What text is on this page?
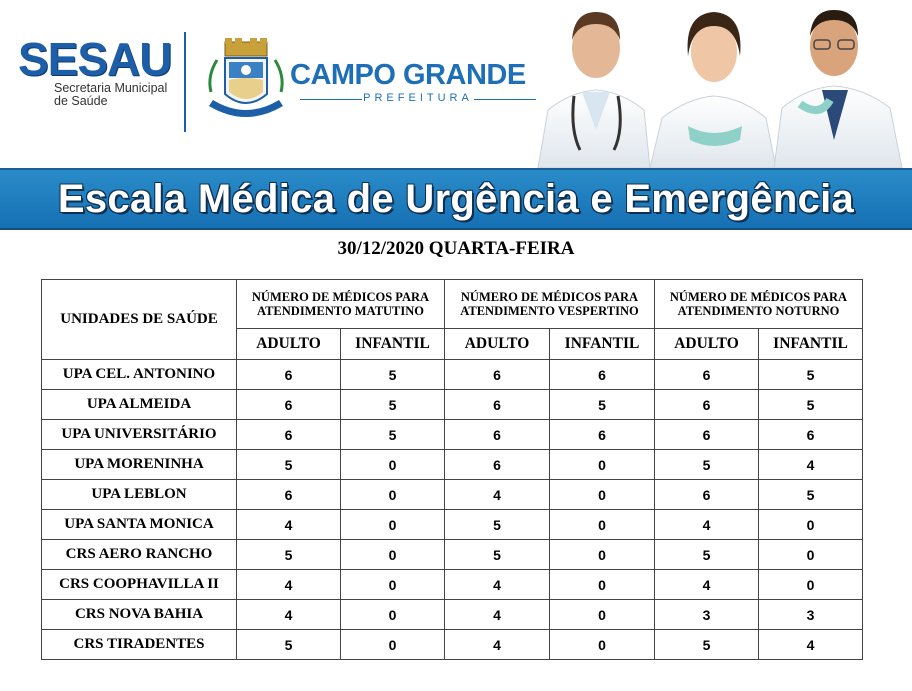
SESAU
Secretaria Municipal
de Saúde
CAMPO GRANDE
PREFEITURA
Escala Médica de Urgência e Emergência
30/12/2020 QUARTA-FEIRA
UNIDADES DE SAÚDE	NÚMERO DE MÉDICOS PARA ATENDIMENTO MATUTINO		NÚMERO DE MÉDICOS PARA ATENDIMENTO VESPERTINO		NÚMERO DE MÉDICOS PARA ATENDIMENTO NOTURNO	
	ADULTO	INFANTIL	ADULTO	INFANTIL	ADULTO	INFANTIL
UPA CEL. ANTONINO	6	5	6	6	6	5
UPA ALMEIDA	6	5	6	5	6	5
UPA UNIVERSITÁRIO	6	5	6	6	6	6
UPA MORENINHA	5	0	6	0	5	4
UPA LEBLON	6	0	4	0	6	5
UPA SANTA MONICA	4	0	5	0	4	0
CRS AERO RANCHO	5	0	5	0	5	0
CRS COOPHAVILLA II	4	0	4	0	4	0
CRS NOVA BAHIA	4	0	4	0	3	3
CRS TIRADENTES	5	0	4	0	5	4
